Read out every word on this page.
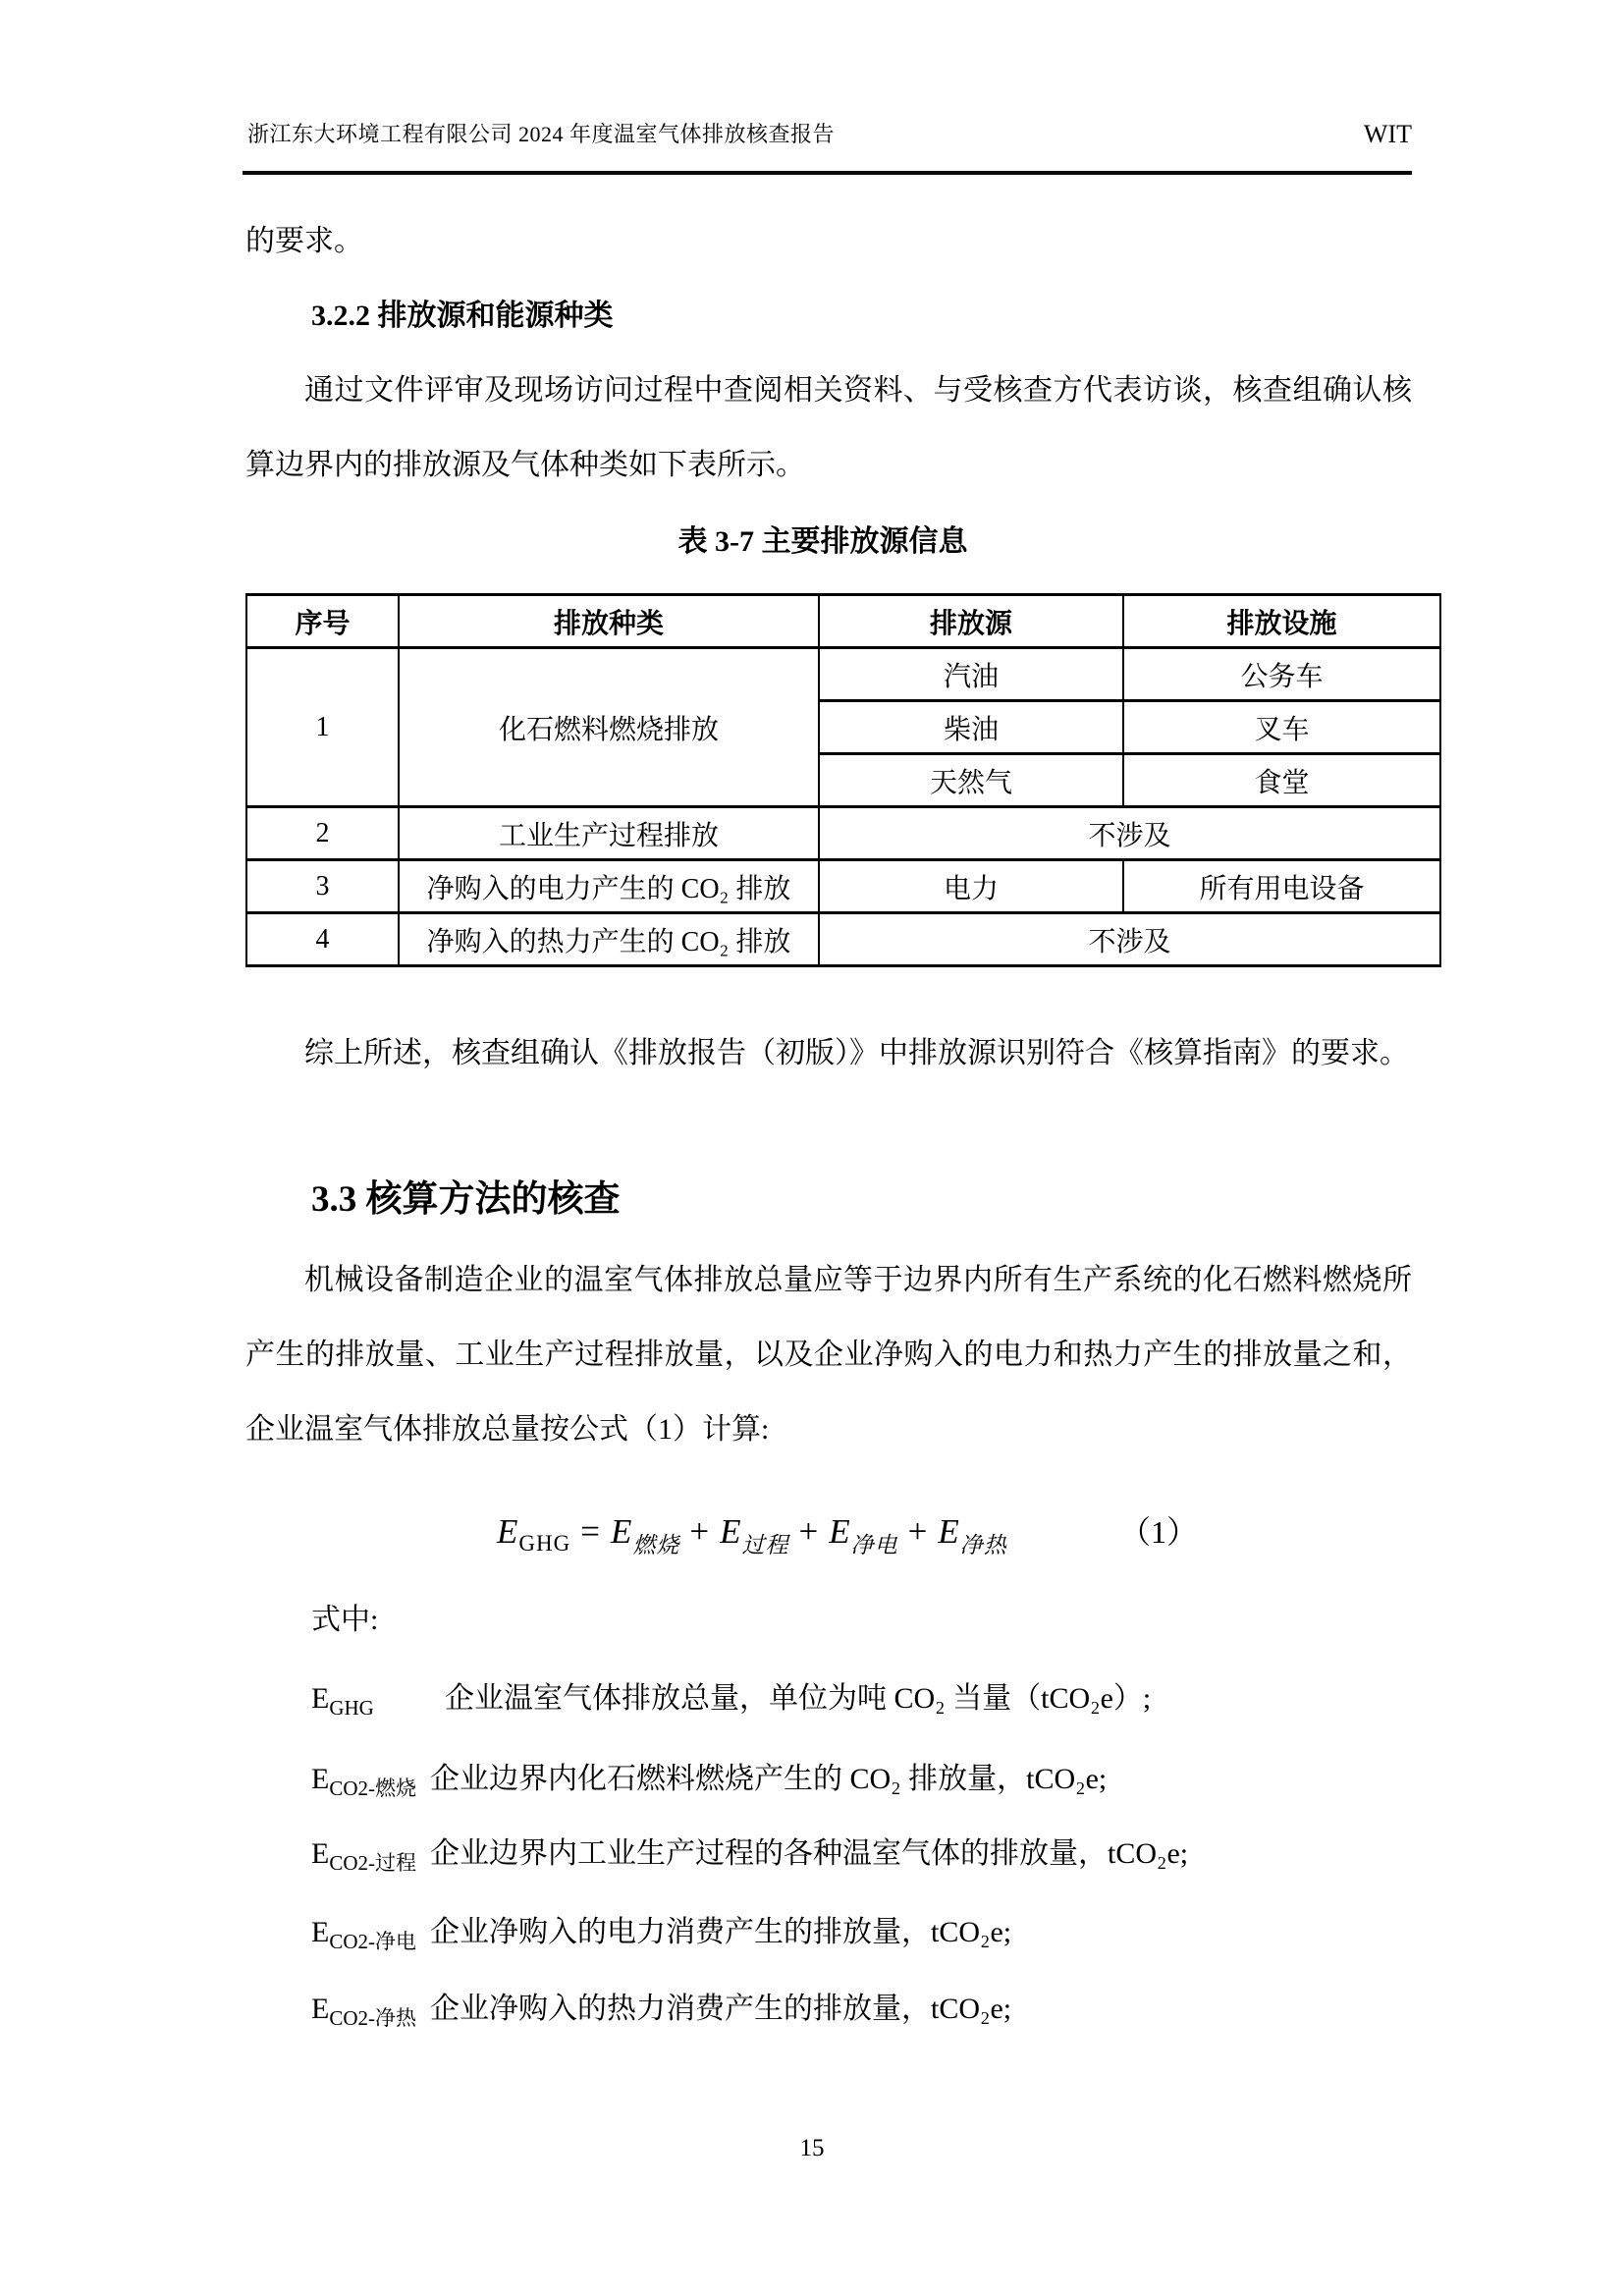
浙江东大环境工程有限公司 2024 年度温室气体排放核查报告	WIT
的要求。
3.2.2 排放源和能源种类
通过文件评审及现场访问过程中查阅相关资料、与受核查方代表访谈，核查组确认核算边界内的排放源及气体种类如下表所示。
表 3-7 主要排放源信息
序号	排放种类	排放源	排放设施
1	化石燃料燃烧排放	汽油	公务车
		柴油	叉车
		天然气	食堂
2	工业生产过程排放	不涉及	
3	净购入的电力产生的 CO₂ 排放	电力	所有用电设备
4	净购入的热力产生的 CO₂ 排放	不涉及	
综上所述，核查组确认《排放报告（初版）》中排放源识别符合《核算指南》的要求。
3.3 核算方法的核查
机械设备制造企业的温室气体排放总量应等于边界内所有生产系统的化石燃料燃烧所产生的排放量、工业生产过程排放量，以及企业净购入的电力和热力产生的排放量之和，企业温室气体排放总量按公式（1）计算:
$E_{GHG} = E_{燃烧} + E_{过程} + E_{净电} + E_{净热}$	（1）
式中:
$E_{GHG}$ 企业温室气体排放总量，单位为吨 CO₂ 当量（tCO₂e）;
$E_{CO2-燃烧}$ 企业边界内化石燃料燃烧产生的 CO₂ 排放量，tCO₂e;
$E_{CO2-过程}$ 企业边界内工业生产过程的各种温室气体的排放量，tCO₂e;
$E_{CO2-净电}$ 企业净购入的电力消费产生的排放量，tCO₂e;
$E_{CO2-净热}$ 企业净购入的热力消费产生的排放量，tCO₂e;
15
